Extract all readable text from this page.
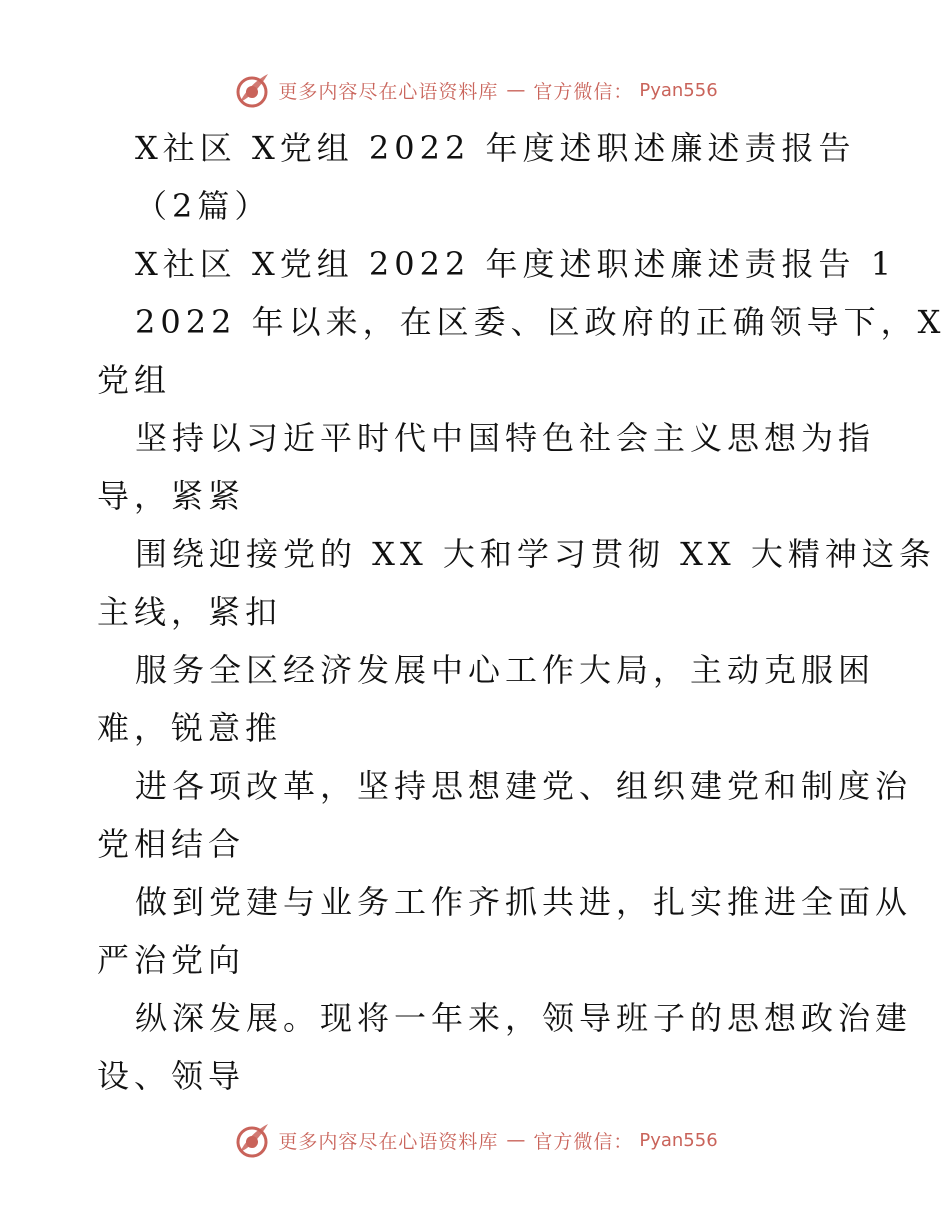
更多内容尽在心语资料库 — 官方微信： Pyan556
X社区 X党组 2022 年度述职述廉述责报告
（2篇）
X社区 X党组 2022 年度述职述廉述责报告 1
2022 年以来，在区委、区政府的正确领导下，X
党组
坚持以习近平时代中国特色社会主义思想为指
导，紧紧
围绕迎接党的 XX 大和学习贯彻 XX 大精神这条
主线，紧扣
服务全区经济发展中心工作大局，主动克服困
难，锐意推
进各项改革，坚持思想建党、组织建党和制度治
党相结合
做到党建与业务工作齐抓共进，扎实推进全面从
严治党向
纵深发展。现将一年来，领导班子的思想政治建
设、领导
更多内容尽在心语资料库 — 官方微信： Pyan556
